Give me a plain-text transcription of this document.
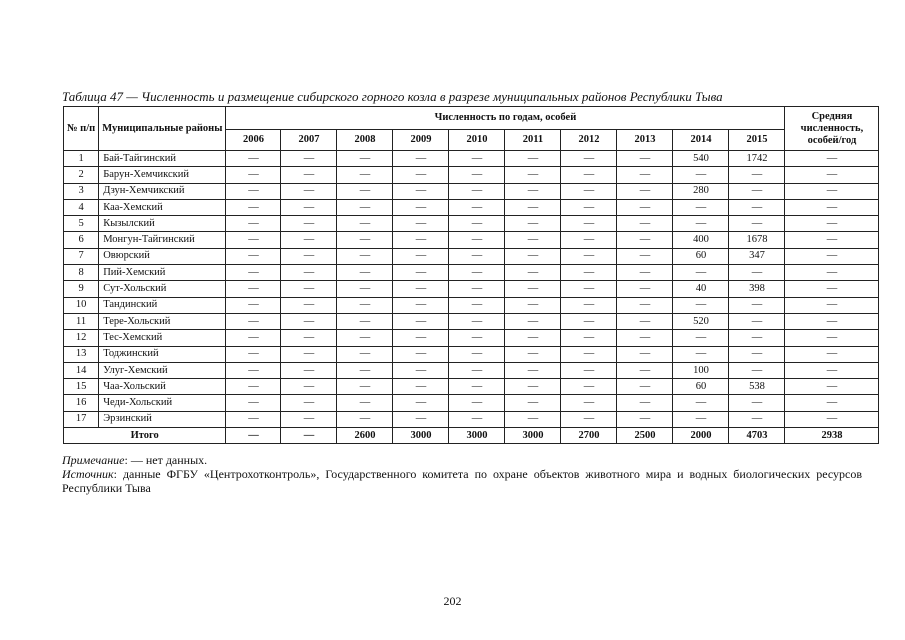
Таблица 47 — Численность и размещение сибирского горного козла в разрезе муниципальных районов Республики Тыва
№ п/п	Муниципальные районы	Численность по годам, особей										Средняя численность, особей/год
		2006	2007	2008	2009	2010	2011	2012	2013	2014	2015	
1	Бай-Тайгинский	—	—	—	—	—	—	—	—	540	1742	—
2	Барун-Хемчикский	—	—	—	—	—	—	—	—	—	—	—
3	Дзун-Хемчикский	—	—	—	—	—	—	—	—	280	—	—
4	Каа-Хемский	—	—	—	—	—	—	—	—	—	—	—
5	Кызылский	—	—	—	—	—	—	—	—	—	—	—
6	Монгун-Тайгинский	—	—	—	—	—	—	—	—	400	1678	—
7	Овюрский	—	—	—	—	—	—	—	—	60	347	—
8	Пий-Хемский	—	—	—	—	—	—	—	—	—	—	—
9	Сут-Хольский	—	—	—	—	—	—	—	—	40	398	—
10	Тандинский	—	—	—	—	—	—	—	—	—	—	—
11	Тере-Хольский	—	—	—	—	—	—	—	—	520	—	—
12	Тес-Хемский	—	—	—	—	—	—	—	—	—	—	—
13	Тоджинский	—	—	—	—	—	—	—	—	—	—	—
14	Улуг-Хемский	—	—	—	—	—	—	—	—	100	—	—
15	Чаа-Хольский	—	—	—	—	—	—	—	—	60	538	—
16	Чеди-Хольский	—	—	—	—	—	—	—	—	—	—	—
17	Эрзинский	—	—	—	—	—	—	—	—	—	—	—
Итого		—	—	2600	3000	3000	3000	2700	2500	2000	4703	2938
Примечание: — нет данных.
Источник: данные ФГБУ «Центрохотконтроль», Государственного комитета по охране объектов животного мира и водных биологических ресурсов Республики Тыва
202
